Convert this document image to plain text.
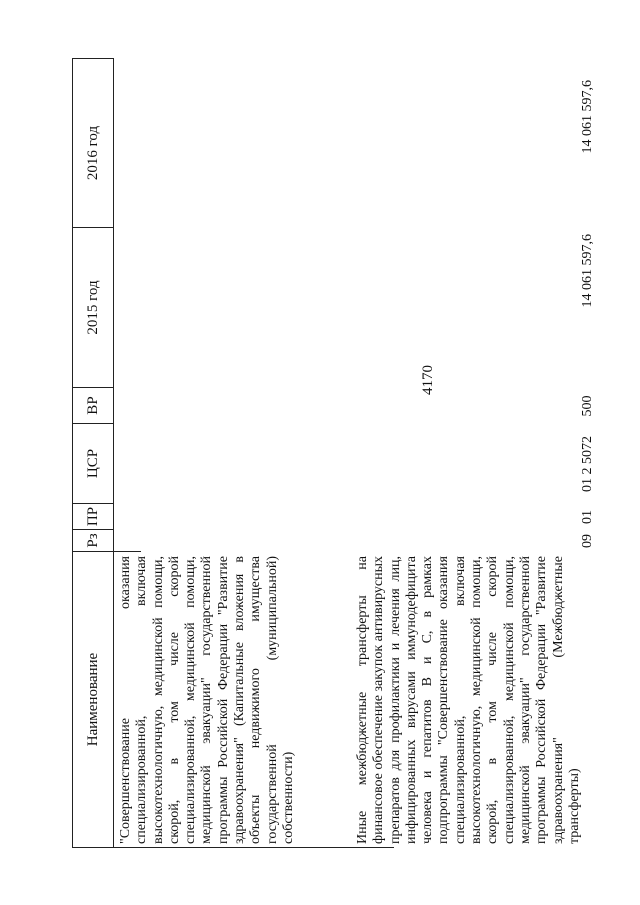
4170
Наименование
Рз
ПР
ЦСР
ВР
2015 год
2016 год
"Совершенствование оказания специализированной, включая высокотехнологичную, медицинской помощи, скорой, в том числе скорой специализированной, медицинской помощи, медицинской эвакуации" государственной программы Российской Федерации "Развитие здравоохранения" (Капитальные вложения в объекты недвижимого имущества государственной (муниципальной) собственности)	Иные межбюджетные трансферты на финансовое обеспечение закупок антивирусных препаратов для профилактики и лечения лиц, инфицированных вирусами иммунодефицита человека и гепатитов B и C, в рамках подпрограммы "Совершенствование оказания специализированной, включая высокотехнологичную, медицинской помощи, скорой, в том числе скорой специализированной, медицинской помощи, медицинской эвакуации" государственной программы Российской Федерации "Развитие здравоохранения" (Межбюджетные трансферты)
09
01
01 2 5072
500
14 061 597,6
14 061 597,6
